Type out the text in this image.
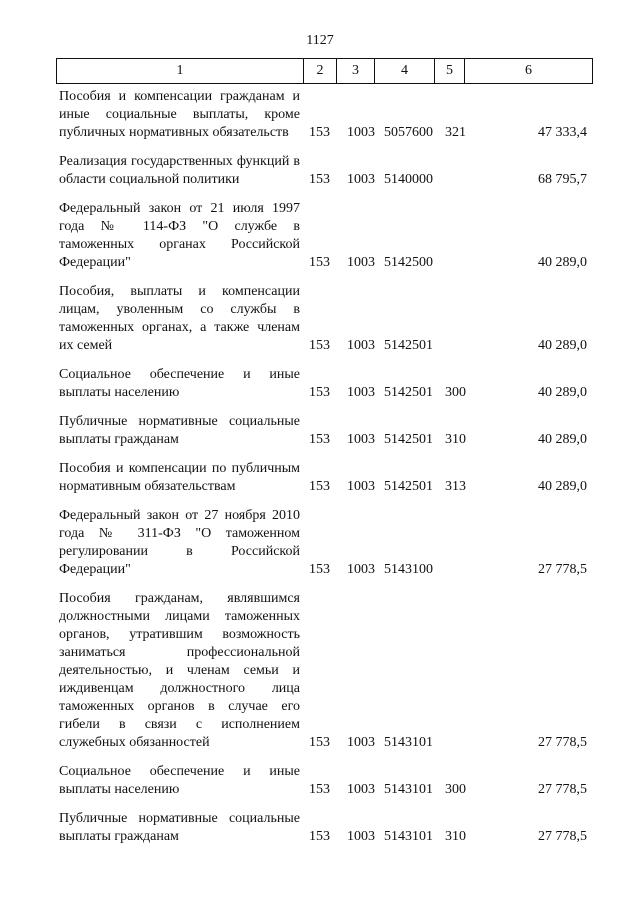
1127
1	2	3	4	5	6
Пособия и компенсации гражданам и иные социальные выплаты, кроме публичных нормативных обязательств	153 1003 5057600 321	47 333,4
Реализация государственных функций в области социальной политики	153 1003 5140000	68 795,7
Федеральный закон от 21 июля 1997 года № 114-ФЗ "О службе в таможенных органах Российской Федерации"	153 1003 5142500	40 289,0
Пособия, выплаты и компенсации лицам, уволенным со службы в таможенных органах, а также членам их семей	153 1003 5142501	40 289,0
Социальное обеспечение и иные выплаты населению	153 1003 5142501 300	40 289,0
Публичные нормативные социальные выплаты гражданам	153 1003 5142501 310	40 289,0
Пособия и компенсации по публичным нормативным обязательствам	153 1003 5142501 313	40 289,0
Федеральный закон от 27 ноября 2010 года № 311-ФЗ "О таможенном регулировании в Российской Федерации"	153 1003 5143100	27 778,5
Пособия гражданам, являвшимся должностными лицами таможенных органов, утратившим возможность заниматься профессиональной деятельностью, и членам семьи и иждивенцам должностного лица таможенных органов в случае его гибели в связи с исполнением служебных обязанностей	153 1003 5143101	27 778,5
Социальное обеспечение и иные выплаты населению	153 1003 5143101 300	27 778,5
Публичные нормативные социальные выплаты гражданам	153 1003 5143101 310	27 778,5
